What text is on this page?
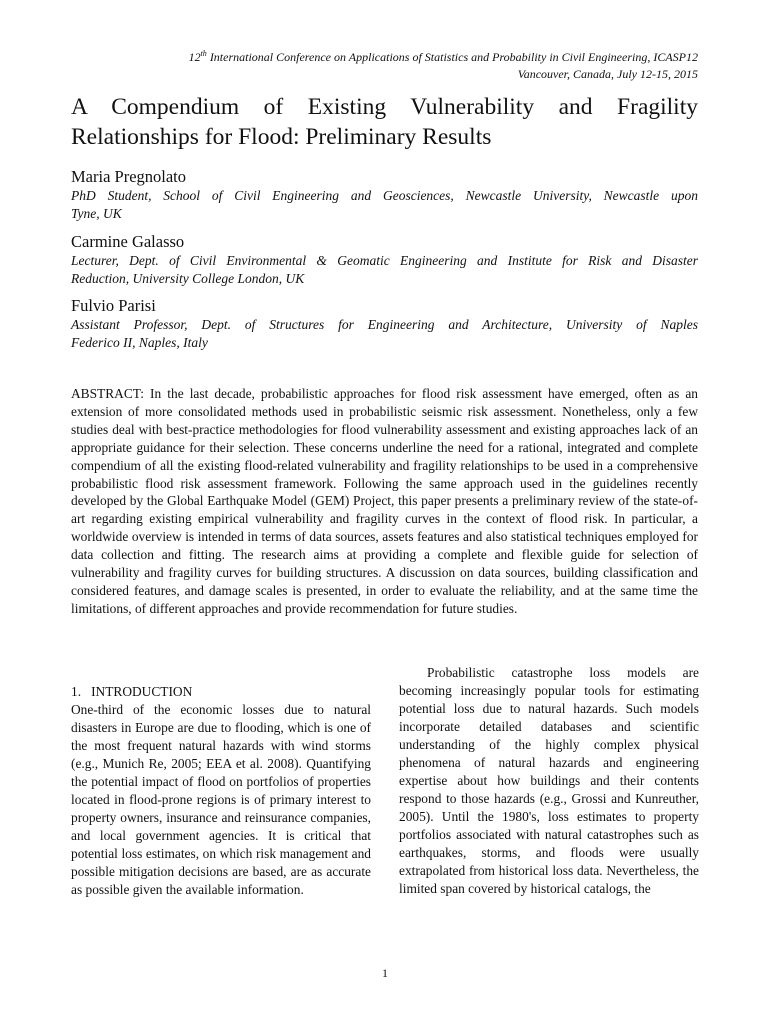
12th International Conference on Applications of Statistics and Probability in Civil Engineering, ICASP12
Vancouver, Canada, July 12-15, 2015
A Compendium of Existing Vulnerability and Fragility
Relationships for Flood: Preliminary Results
Maria Pregnolato
PhD Student, School of Civil Engineering and Geosciences, Newcastle University, Newcastle upon
Tyne, UK
Carmine Galasso
Lecturer, Dept. of Civil Environmental & Geomatic Engineering and Institute for Risk and Disaster
Reduction, University College London, UK
Fulvio Parisi
Assistant Professor, Dept. of Structures for Engineering and Architecture, University of Naples
Federico II, Naples, Italy
ABSTRACT: In the last decade, probabilistic approaches for flood risk assessment have emerged, often as an extension of more consolidated methods used in probabilistic seismic risk assessment. Nonetheless, only a few studies deal with best-practice methodologies for flood vulnerability assessment and existing approaches lack of an appropriate guidance for their selection. These concerns underline the need for a rational, integrated and complete compendium of all the existing flood-related vulnerability and fragility relationships to be used in a comprehensive probabilistic flood risk assessment framework. Following the same approach used in the guidelines recently developed by the Global Earthquake Model (GEM) Project, this paper presents a preliminary review of the state-of-art regarding existing empirical vulnerability and fragility curves in the context of flood risk. In particular, a worldwide overview is intended in terms of data sources, assets features and also statistical techniques employed for data collection and fitting. The research aims at providing a complete and flexible guide for selection of vulnerability and fragility curves for building structures. A discussion on data sources, building classification and considered features, and damage scales is presented, in order to evaluate the reliability, and at the same time the limitations, of different approaches and provide recommendation for future studies.
1.   INTRODUCTION
One-third of the economic losses due to natural disasters in Europe are due to flooding, which is one of the most frequent natural hazards with wind storms (e.g., Munich Re, 2005; EEA et al. 2008). Quantifying the potential impact of flood on portfolios of properties located in flood-prone regions is of primary interest to property owners, insurance and reinsurance companies, and local government agencies. It is critical that potential loss estimates, on which risk management and possible mitigation decisions are based, are as accurate as possible given the available information.
Probabilistic catastrophe loss models are becoming increasingly popular tools for estimating potential loss due to natural hazards. Such models incorporate detailed databases and scientific understanding of the highly complex physical phenomena of natural hazards and engineering expertise about how buildings and their contents respond to those hazards (e.g., Grossi and Kunreuther, 2005). Until the 1980's, loss estimates to property portfolios associated with natural catastrophes such as earthquakes, storms, and floods were usually extrapolated from historical loss data. Nevertheless, the limited span covered by historical catalogs, the
1
